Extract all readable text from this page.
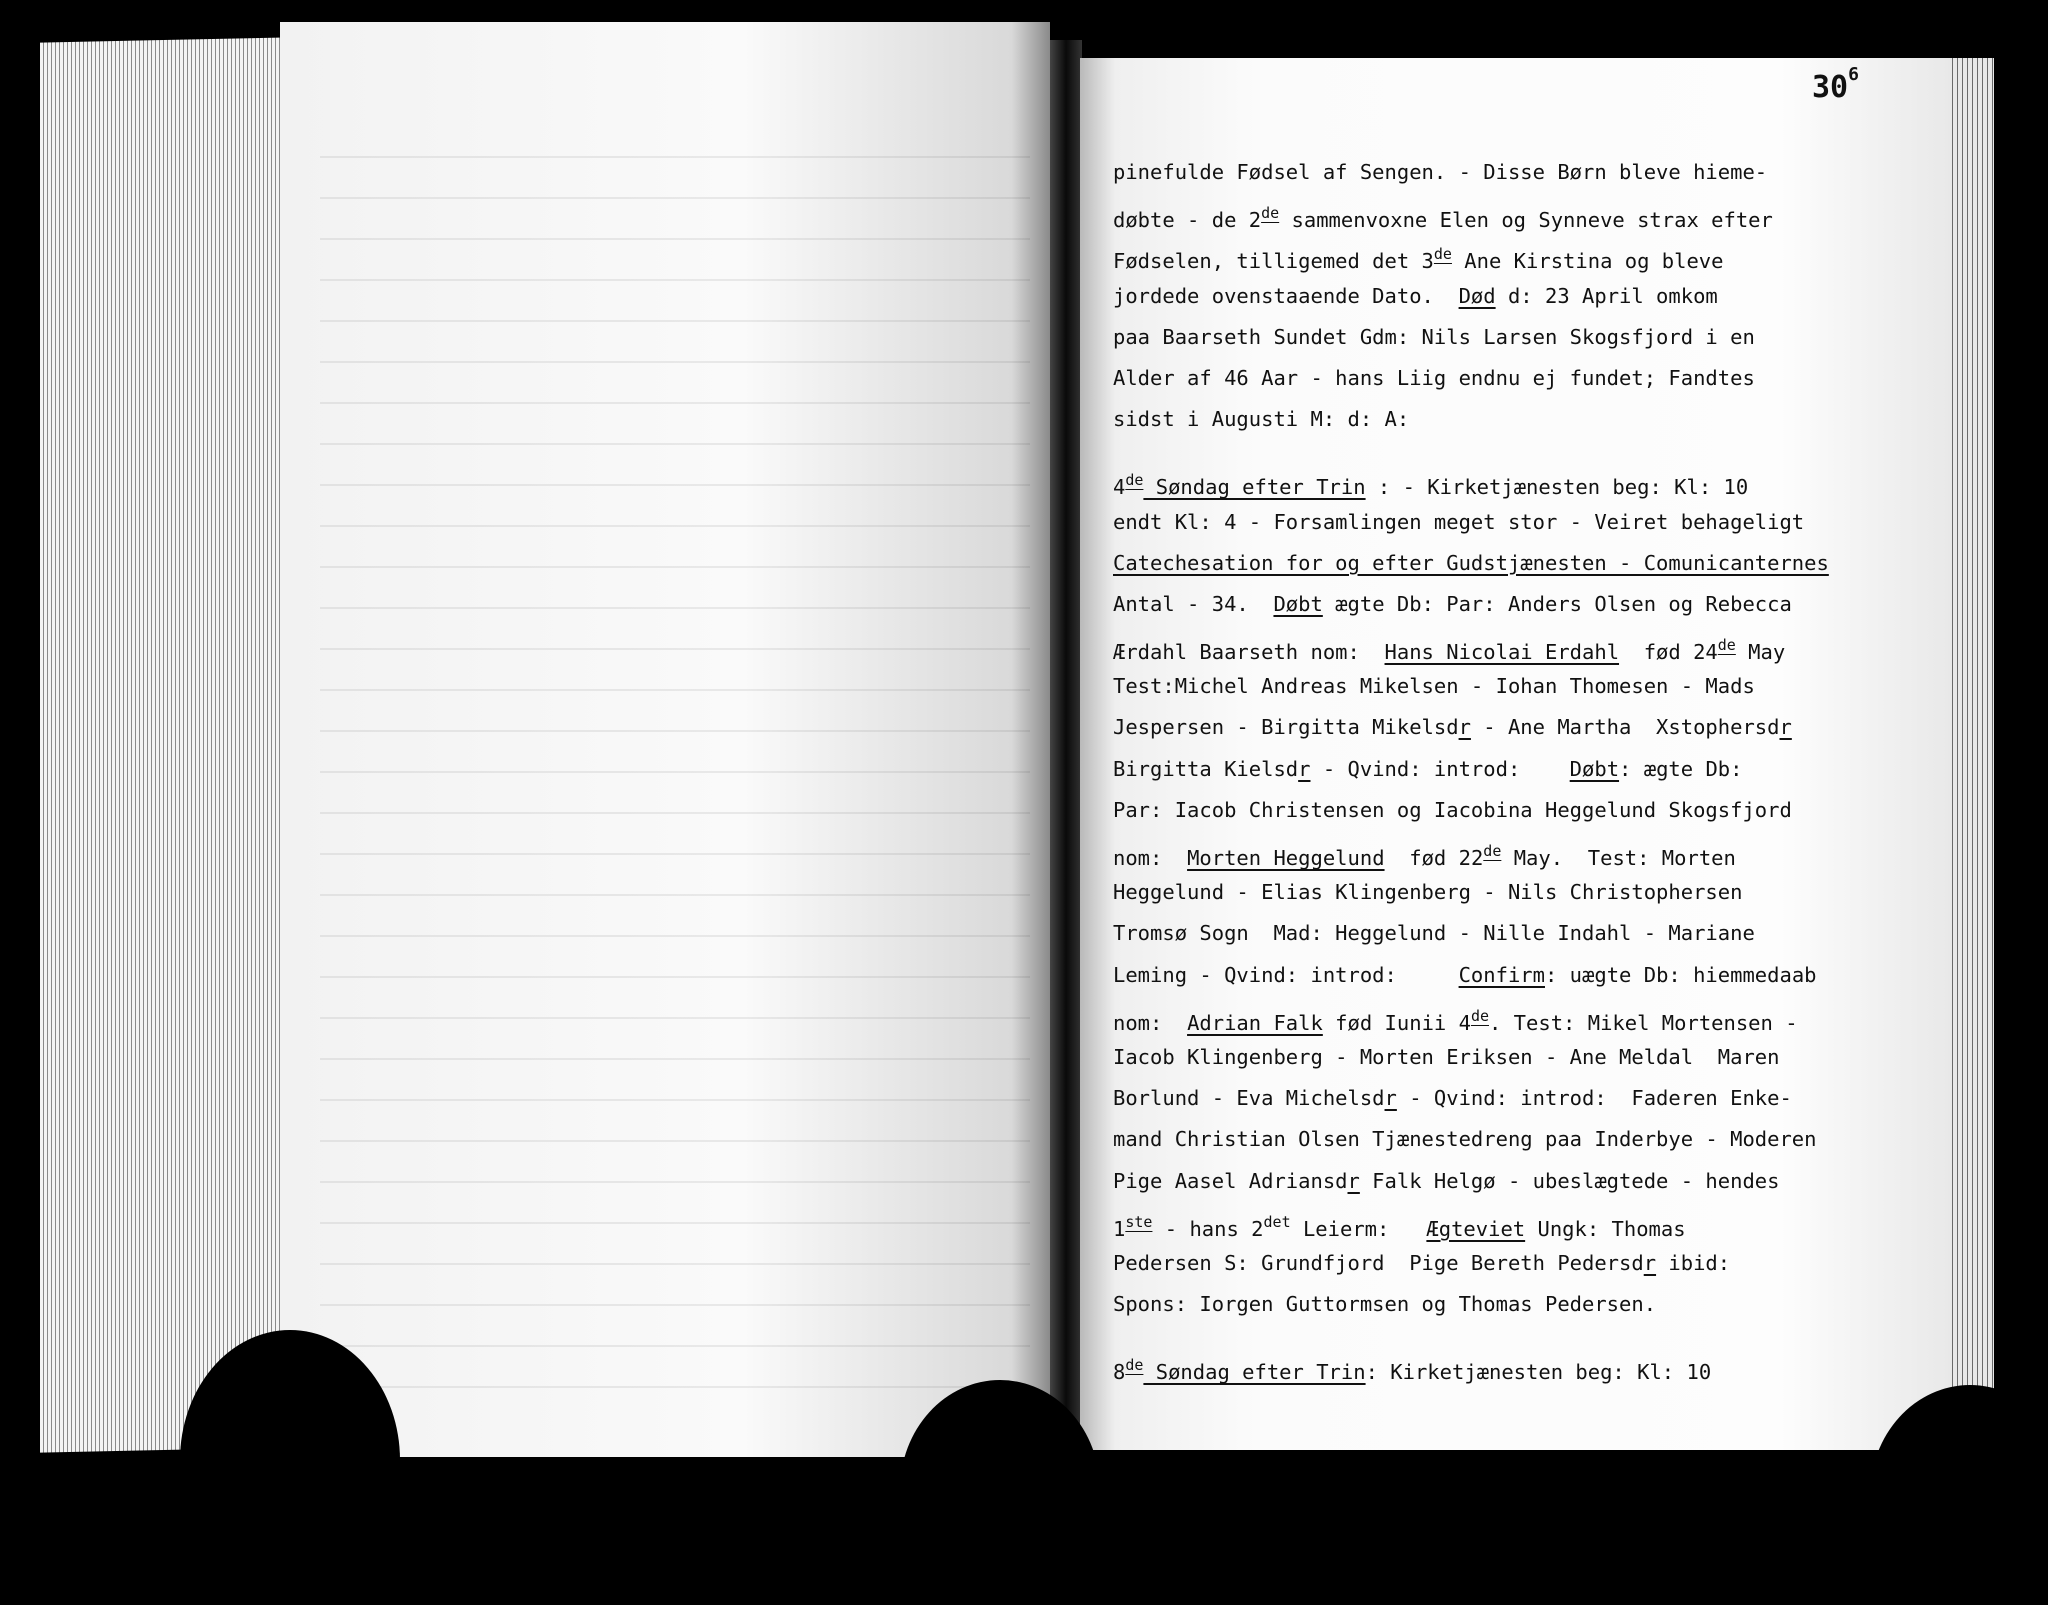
$30^6$
pinefulde Fødsel af Sengen. - Disse Børn bleve hieme-
døbte - de 2de sammenvoxne Elen og Synneve strax efter
Fødselen, tilligemed det 3de Ane Kirstina og bleve
jordede ovenstaaende Dato.  Død d: 23 April omkom
paa Baarseth Sundet Gdm: Nils Larsen Skogsfjord i en
Alder af 46 Aar - hans Liig endnu ej fundet; Fandtes
sidst i Augusti M: d: A:
4de Søndag efter Trin : - Kirketjænesten beg: Kl: 10
endt Kl: 4 - Forsamlingen meget stor - Veiret behageligt
Catechesation for og efter Gudstjænesten - Comunicanternes
Antal - 34.  Døbt ægte Db: Par: Anders Olsen og Rebecca
Ærdahl Baarseth nom:  Hans Nicolai Erdahl  fød 24de May
Test:Michel Andreas Mikelsen - Iohan Thomesen - Mads
Jespersen - Birgitta Mikelsdr - Ane Martha  Xstophersdr
Birgitta Kielsdr - Qvind: introd:    Døbt: ægte Db:
Par: Iacob Christensen og Iacobina Heggelund Skogsfjord
nom:  Morten Heggelund  fød 22de May.  Test: Morten
Heggelund - Elias Klingenberg - Nils Christophersen
Tromsø Sogn  Mad: Heggelund - Nille Indahl - Mariane
Leming - Qvind: introd:     Confirm: uægte Db: hiemmedaab
nom:  Adrian Falk fød Iunii 4de. Test: Mikel Mortensen -
Iacob Klingenberg - Morten Eriksen - Ane Meldal  Maren
Borlund - Eva Michelsdr - Qvind: introd:  Faderen Enke-
mand Christian Olsen Tjænestedreng paa Inderbye - Moderen
Pige Aasel Adriansdr Falk Helgø - ubeslægtede - hendes
1ste - hans $2^{det}$ Leierm:   Ægteviet Ungk: Thomas
Pedersen S: Grundfjord  Pige Bereth Pedersdr ibid:
Spons: Iorgen Guttormsen og Thomas Pedersen.
8de Søndag efter Trin: Kirketjænesten beg: Kl: 10
